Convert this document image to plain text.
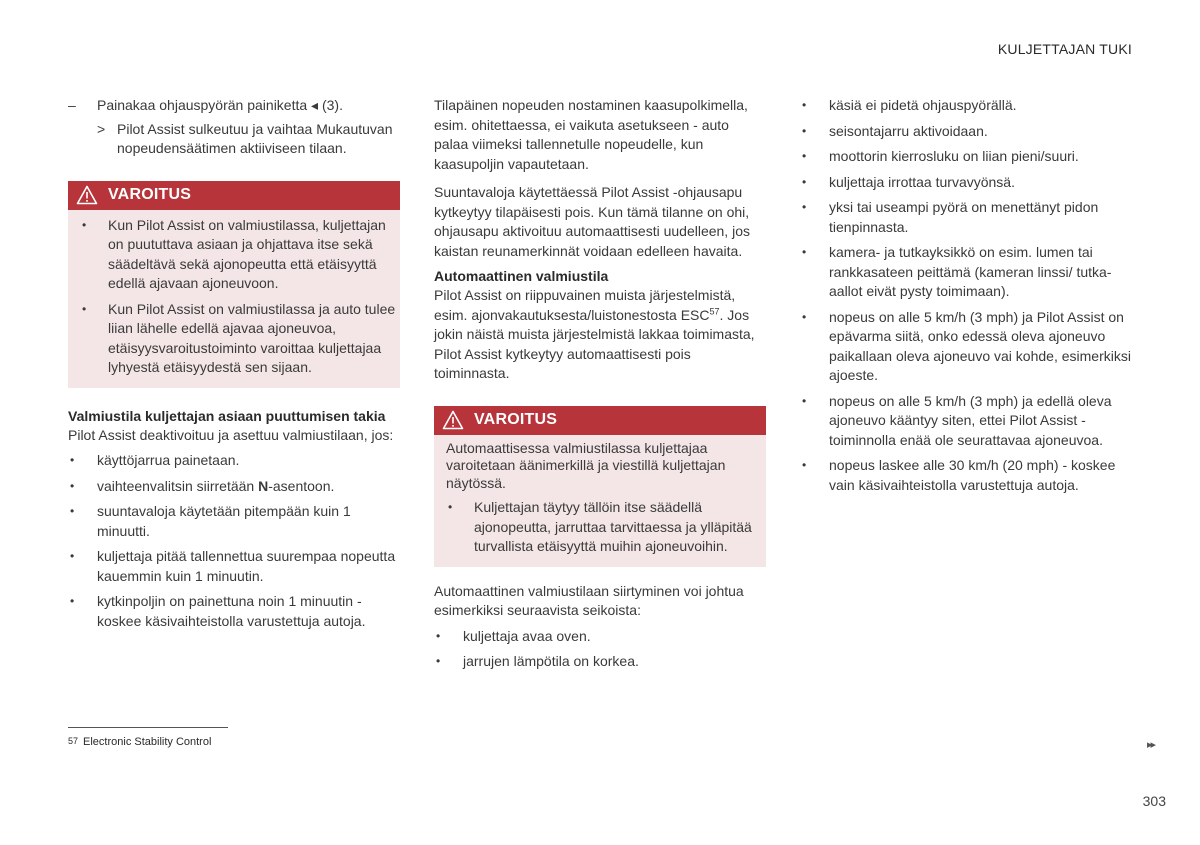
KULJETTAJAN TUKI

– Painakaa ohjauspyörän painiketta ◂ (3).

> Pilot Assist sulkeutuu ja vaihtaa Mukautuvan nopeudensäätimen aktiiviseen tilaan.

VAROITUS
• Kun Pilot Assist on valmiustilassa, kuljettajan on puututtava asiaan ja ohjattava itse sekä säädeltävä sekä ajonopeutta että etäisyyttä edellä ajavaan ajoneuvoon.
• Kun Pilot Assist on valmiustilassa ja auto tulee liian lähelle edellä ajavaa ajoneuvoa, etäisyysvaroitustoiminto varoittaa kuljettajaa lyhyestä etäisyydestä sen sijaan.
Valmiustila kuljettajan asiaan puuttumisen takia

Pilot Assist deaktivoituu ja asettuu valmiustilaan, jos:

• käyttöjarrua painetaan.
• vaihteenvalitsin siirretään N-asentoon.
• suuntavaloja käytetään pitempään kuin 1 minuutti.
• kuljettaja pitää tallennettua suurempaa nopeutta kauemmin kuin 1 minuutin.
• kytkinpoljin on painettuna noin 1 minuutin - koskee käsivaihteistolla varustettuja autoja.

Tilapäinen nopeuden nostaminen kaasupolkimella, esim. ohitettaessa, ei vaikuta asetukseen - auto palaa viimeksi tallennetulle nopeudelle, kun kaasupoljin vapautetaan.

Suuntavaloja käytettäessä Pilot Assist -ohjausapu kytkeytyy tilapäisesti pois. Kun tämä tilanne on ohi, ohjausapu aktivoituu automaattisesti uudelleen, jos kaistan reunamerkinnät voidaan edelleen havaita.

Automaattinen valmiustila

Pilot Assist on riippuvainen muista järjestelmistä, esim. ajonvakautuksesta/luistonestosta ESC$^{57}$. Jos jokin näistä muista järjestelmistä lakkaa toimimasta, Pilot Assist kytkeytyy automaattisesti pois toiminnasta.

VAROITUS

Automaattisessa valmiustilassa kuljettajaa varoitetaan äänimerkillä ja viestillä kuljettajan näytössä.

• Kuljettajan täytyy tällöin itse säädellä ajonopeutta, jarruttaa tarvittaessa ja ylläpitää turvallista etäisyyttä muihin ajoneuvoihin.

Automaattinen valmiustilaan siirtyminen voi johtua esimerkiksi seuraavista seikoista:

• kuljettaja avaa oven.
• jarrujen lämpötila on korkea.
• käsiä ei pidetä ohjauspyörällä.
• seisontajarru aktivoidaan.
• moottorin kierrosluku on liian pieni/suuri.
• kuljettaja irrottaa turvavyönsä.
• yksi tai useampi pyörä on menettänyt pidon tienpinnasta.
• kamera- ja tutkayksikkö on esim. lumen tai rankkasateen peittämä (kameran linssi/ tutka-aallot eivät pysty toimimaan).
• nopeus on alle 5 km/h (3 mph) ja Pilot Assist on epävarma siitä, onko edessä oleva ajoneuvo paikallaan oleva ajoneuvo vai kohde, esimerkiksi ajoeste.
• nopeus on alle 5 km/h (3 mph) ja edellä oleva ajoneuvo kääntyy siten, ettei Pilot Assist -toiminnolla enää ole seurattavaa ajoneuvoa.
• nopeus laskee alle 30 km/h (20 mph) - koskee vain käsivaihteistolla varustettuja autoja.
57 Electronic Stability Control	▸▸
303
